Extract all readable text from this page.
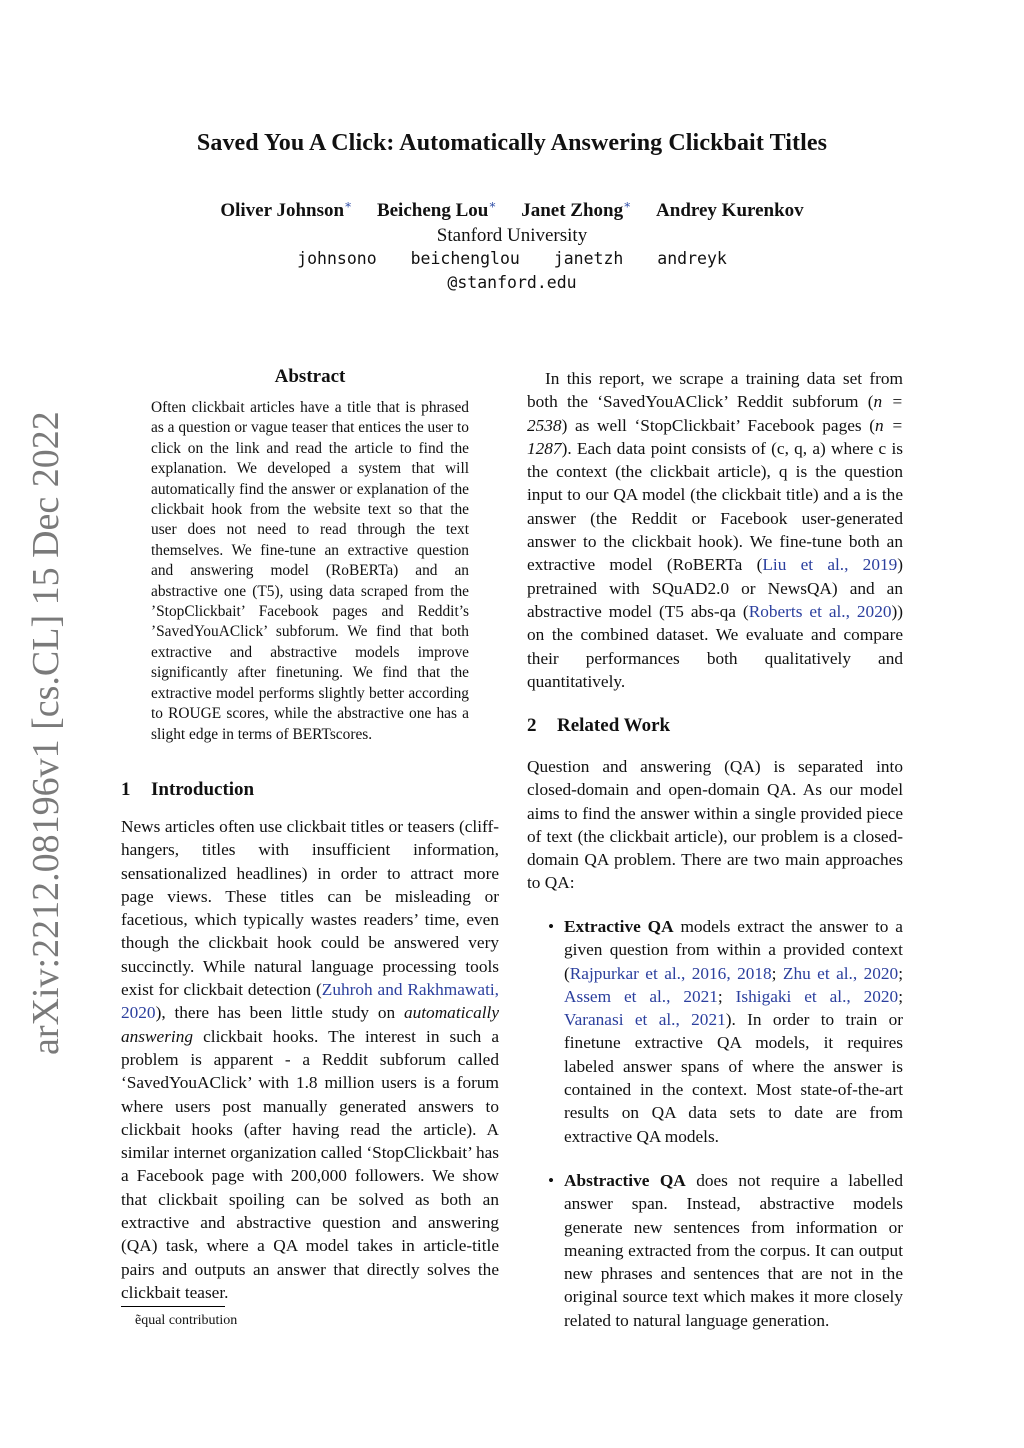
arXiv:2212.08196v1 [cs.CL] 15 Dec 2022
Saved You A Click: Automatically Answering Clickbait Titles
Oliver Johnson∗ Beicheng Lou∗ Janet Zhong∗ Andrey Kurenkov
Stanford University
johnsono beichenglou janetzh andreyk
@stanford.edu
Abstract
Often clickbait articles have a title that is phrased as a question or vague teaser that entices the user to click on the link and read the article to find the explanation. We developed a system that will automatically find the answer or explanation of the clickbait hook from the website text so that the user does not need to read through the text themselves. We fine-tune an extractive question and answering model (RoBERTa) and an abstractive one (T5), using data scraped from the ’StopClickbait’ Facebook pages and Reddit’s ’SavedYouAClick’ subforum. We find that both extractive and abstractive models improve significantly after finetuning. We find that the extractive model performs slightly better according to ROUGE scores, while the abstractive one has a slight edge in terms of BERTscores.
1 Introduction
News articles often use clickbait titles or teasers (cliff-hangers, titles with insufficient information, sensationalized headlines) in order to attract more page views. These titles can be misleading or facetious, which typically wastes readers’ time, even though the clickbait hook could be answered very succinctly. While natural language processing tools exist for clickbait detection (Zuhroh and Rakhmawati, 2020), there has been little study on automatically answering clickbait hooks. The interest in such a problem is apparent - a Reddit subforum called ‘SavedYouAClick’ with 1.8 million users is a forum where users post manually generated answers to clickbait hooks (after having read the article). A similar internet organization called ‘StopClickbait’ has a Facebook page with 200,000 followers. We show that clickbait spoiling can be solved as both an extractive and abstractive question and answering (QA) task, where a QA model takes in article-title pairs and outputs an answer that directly solves the clickbait teaser.
ẽqual contribution
In this report, we scrape a training data set from both the ‘SavedYouAClick’ Reddit subforum (n = 2538) as well ‘StopClickbait’ Facebook pages (n = 1287). Each data point consists of (c, q, a) where c is the context (the clickbait article), q is the question input to our QA model (the clickbait title) and a is the answer (the Reddit or Facebook user-generated answer to the clickbait hook). We fine-tune both an extractive model (RoBERTa (Liu et al., 2019) pretrained with SQuAD2.0 or NewsQA) and an abstractive model (T5 abs-qa (Roberts et al., 2020)) on the combined dataset. We evaluate and compare their performances both qualitatively and quantitatively.
2 Related Work
Question and answering (QA) is separated into closed-domain and open-domain QA. As our model aims to find the answer within a single provided piece of text (the clickbait article), our problem is a closed-domain QA problem. There are two main approaches to QA:
• Extractive QA models extract the answer to a given question from within a provided context (Rajpurkar et al., 2016, 2018; Zhu et al., 2020; Assem et al., 2021; Ishigaki et al., 2020; Varanasi et al., 2021). In order to train or finetune extractive QA models, it requires labeled answer spans of where the answer is contained in the context. Most state-of-the-art results on QA data sets to date are from extractive QA models.
• Abstractive QA does not require a labelled answer span. Instead, abstractive models generate new sentences from information or meaning extracted from the corpus. It can output new phrases and sentences that are not in the original source text which makes it more closely related to natural language generation.
